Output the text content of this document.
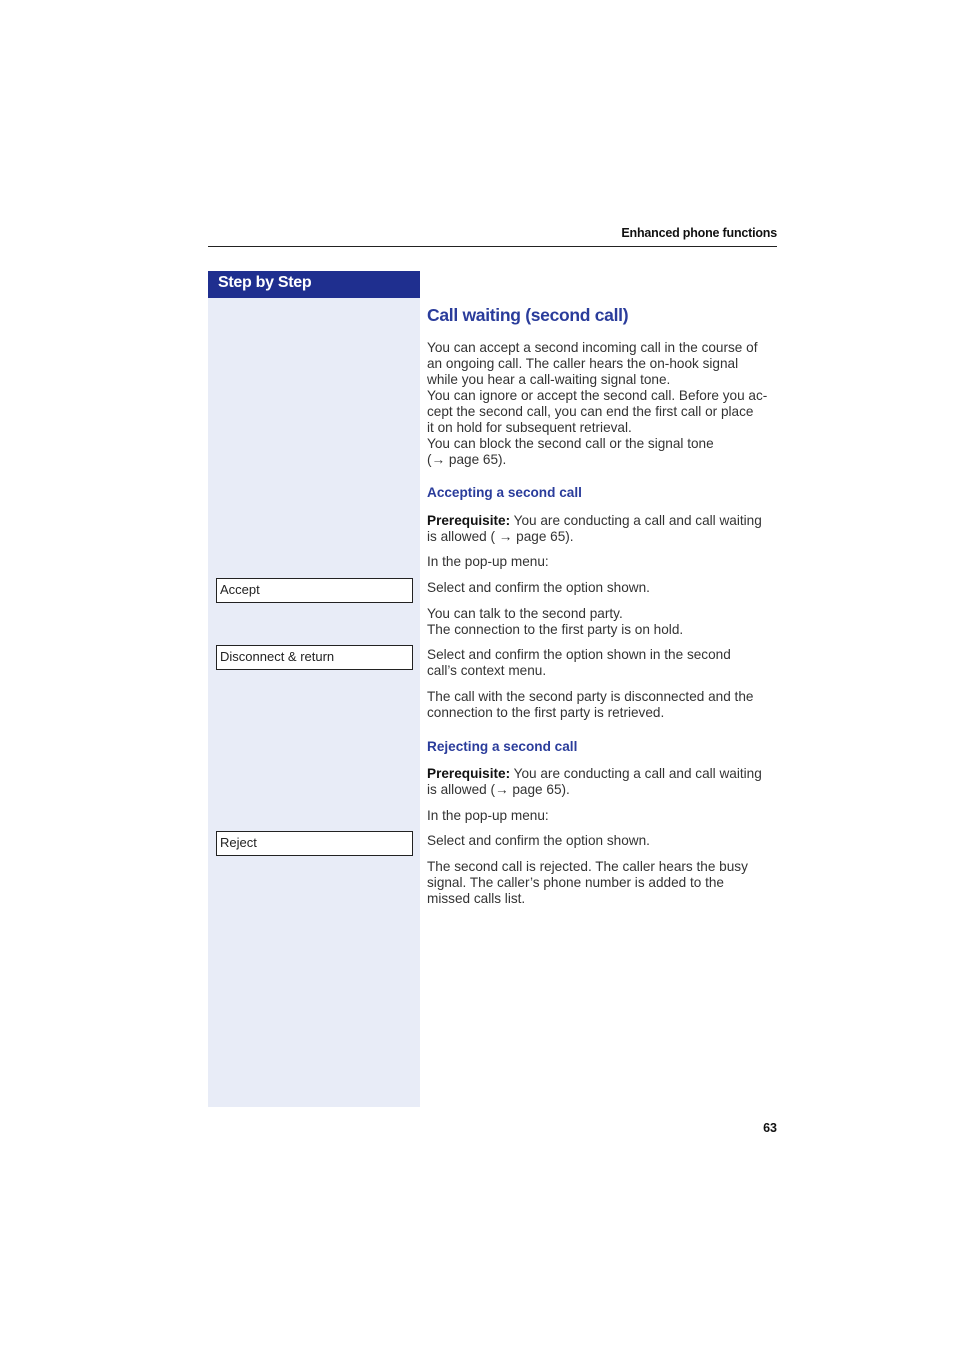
Enhanced phone functions
Step by Step
Accept
Disconnect & return
Reject
Call waiting (second call)
You can accept a second incoming call in the course of
an ongoing call. The caller hears the on-hook signal
while you hear a call-waiting signal tone.
You can ignore or accept the second call. Before you ac-
cept the second call, you can end the first call or place
it on hold for subsequent retrieval.
You can block the second call or the signal tone
(→ page 65).
Accepting a second call
Prerequisite: You are conducting a call and call waiting
is allowed ( → page 65).
In the pop-up menu:
Select and confirm the option shown.
You can talk to the second party.
The connection to the first party is on hold.
Select and confirm the option shown in the second
call’s context menu.
The call with the second party is disconnected and the
connection to the first party is retrieved.
Rejecting a second call
Prerequisite: You are conducting a call and call waiting
is allowed (→ page 65).
In the pop-up menu:
Select and confirm the option shown.
The second call is rejected. The caller hears the busy
signal. The caller’s phone number is added to the
missed calls list.
63
